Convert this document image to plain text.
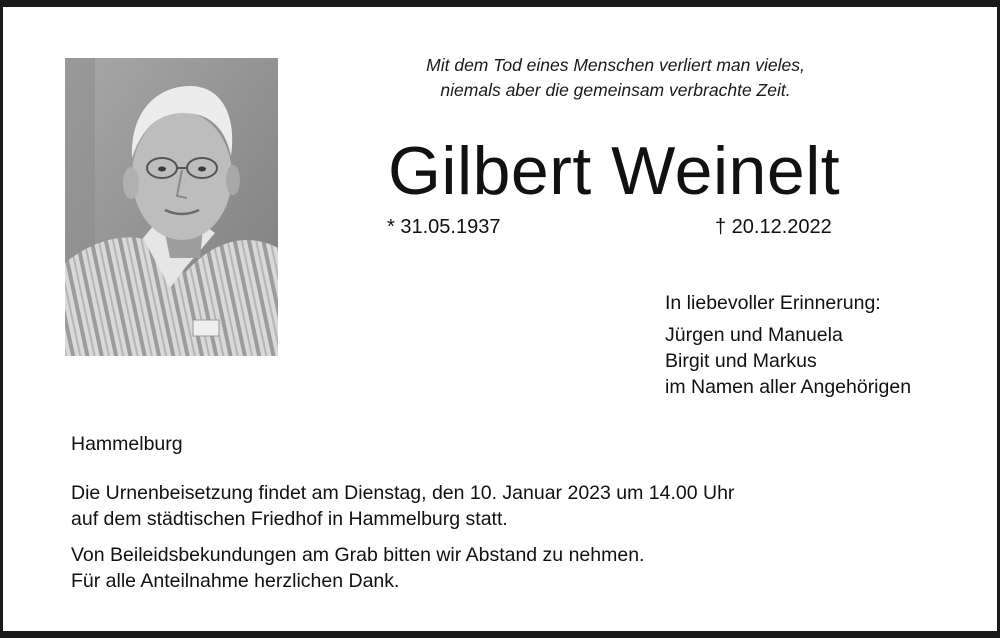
Mit dem Tod eines Menschen verliert man vieles,
niemals aber die gemeinsam verbrachte Zeit.
Gilbert Weinelt
* 31.05.1937	† 20.12.2022
In liebevoller Erinnerung:
Jürgen und Manuela
Birgit und Markus
im Namen aller Angehörigen
Hammelburg
Die Urnenbeisetzung findet am Dienstag, den 10. Januar 2023 um 14.00 Uhr
auf dem städtischen Friedhof in Hammelburg statt.
Von Beileidsbekundungen am Grab bitten wir Abstand zu nehmen.
Für alle Anteilnahme herzlichen Dank.
